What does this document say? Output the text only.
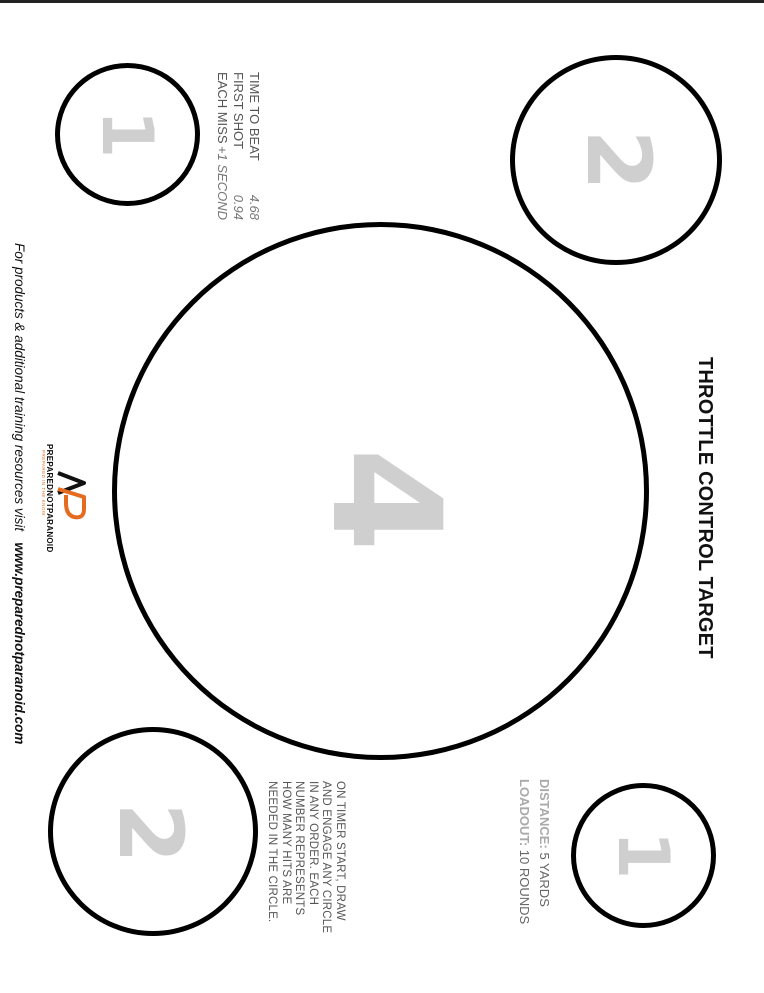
1	2
4
2	1
THROTTLE CONTROL TARGET
DISTANCE: 5 YARDS
LOADOUT: 10 ROUNDS
ON TIMER START, DRAW
AND ENGAGE ANY CIRCLE
IN ANY ORDER. EACH
NUMBER REPRESENTS
HOW MANY HITS ARE
NEEDED IN THE CIRCLE.
TIME TO BEAT
4.68
FIRST SHOT
0.94
EACH MISS
+1 SECOND
For products & additional training resources visit   www.preparednotparanoid.com
PREPAREDNOTPARANOID
PREPARED IN THE KNOW
